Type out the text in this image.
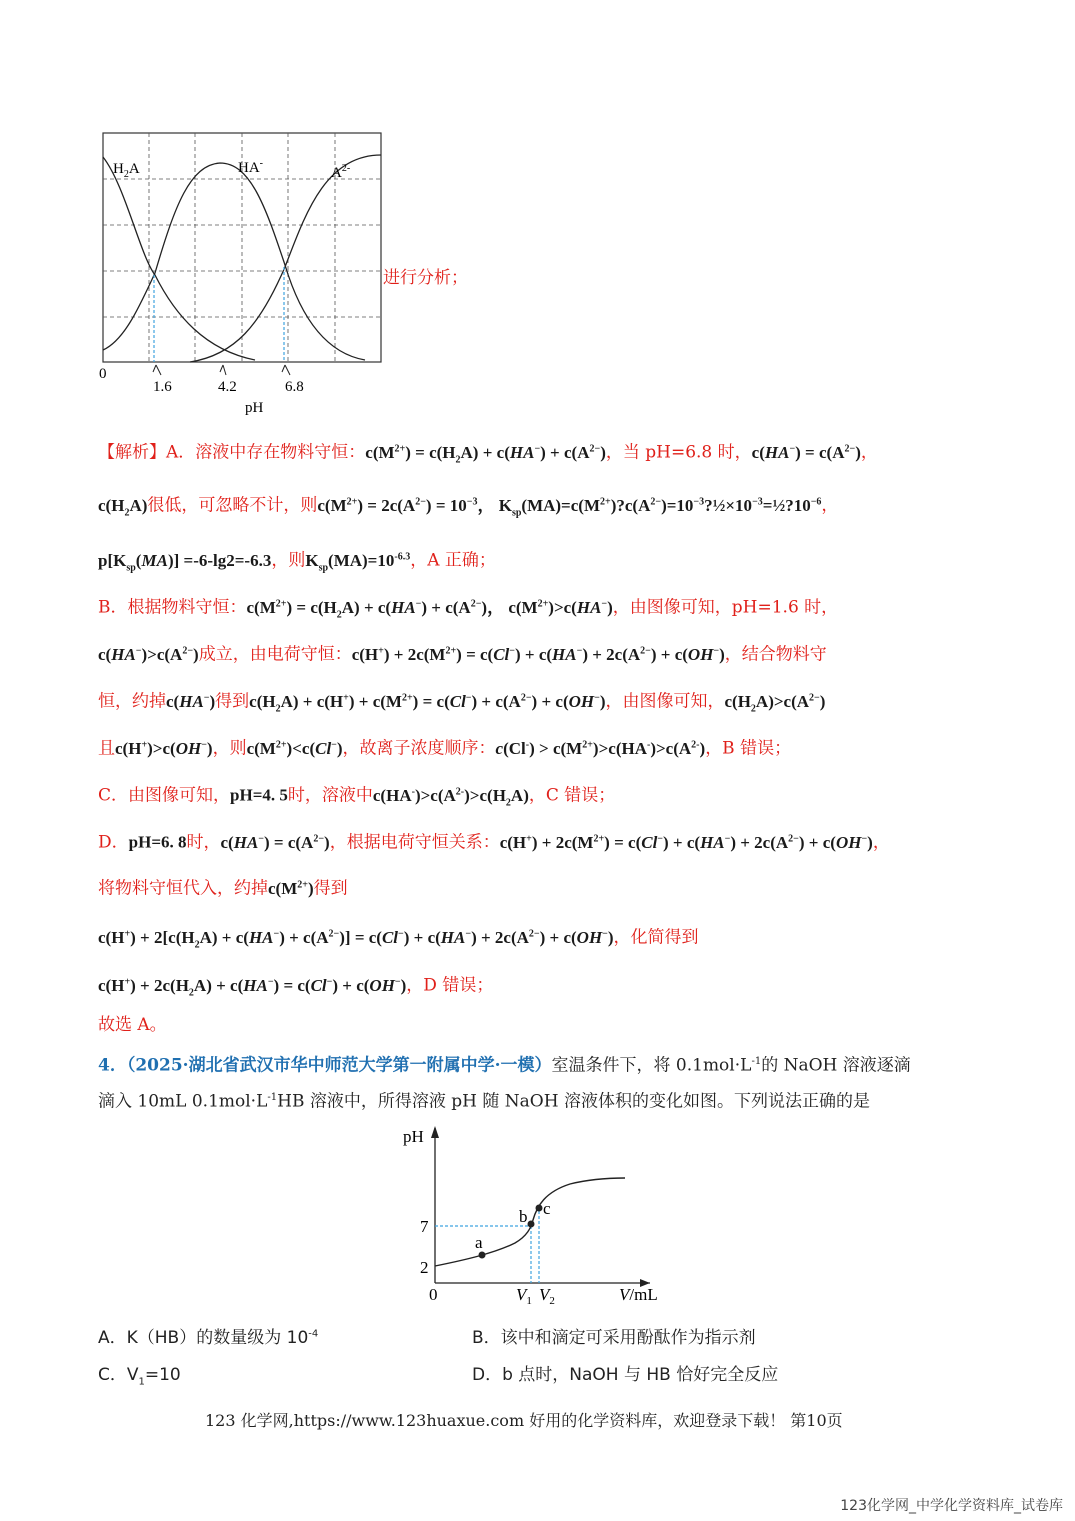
$H_2A$	HA-
$A^{2-}$
0
1.6	4.2	6.8
pH
进行分析；
【解析】A．溶液中存在物料守恒：$c(M^{2+}) = c(H_2A) + c(HA^-) + c(A^{2-})$，当 pH=6.8 时，$c(HA^-) = c(A^{2-})$，
$c(H_2A)$很低，可忽略不计，则$c(M^{2+}) = 2c(A^{2-}) = 10^{-3}$， $K_{sp}(MA)=c(M^{2+})?c(A^{2-})=10^{-3}?\frac{1}{2}\times 10^{-3}=\frac{1}{2}?10^{-6}$，
$p[K_{sp}(MA)] =-6-\lg 2=-6.3$，则$K_{sp}(MA)=10^{-6.3}$，A 正确；
B．根据物料守恒：$c(M^{2+}) = c(H_2A) + c(HA^-) + c(A^{2-})$， $c(M^{2+})>c(HA^-)$，由图像可知，pH=1.6 时，
$c(HA^-)>c(A^{2-})$成立，由电荷守恒：$c(H^+) + 2c(M^{2+}) = c(Cl^-) + c(HA^-) + 2c(A^{2-}) + c(OH^-)$，结合物料守
恒，约掉c(HA−)得到$c(H_2A) + c(H^+) + c(M^{2+}) = c(Cl^-) + c(A^{2-}) + c(OH^-)$，由图像可知，$c(H_2A)>c(A^{2-})$
且c(H+)>c(OH−)，则$c(M^{2+})<c(Cl^-)$，故离子浓度顺序：$c(Cl^-) > c(M^{2+})>c(HA^-)>c(A^{2-})$，B 错误；
C．由图像可知，pH=4. 5时，溶液中$c(HA^-)>c(A^{2-})>c(H_2A)$，C 错误；
D．pH=6. 8时，$c(HA^-) = c(A^{2-})$，根据电荷守恒关系：$c(H^+) + 2c(M^{2+}) = c(Cl^-) + c(HA^-) + 2c(A^{2-}) + c(OH^-)$，
将物料守恒代入，约掉$c(M^{2+})$得到
$c(H^+) + 2[c(H_2A) + c(HA^-) + c(A^{2-})] = c(Cl^-) + c(HA^-) + 2c(A^{2-}) + c(OH^-)$，化简得到
$c(H^+) + 2c(H_2A) + c(HA^-) = c(Cl^-) + c(OH^-)$，D 错误；
故选 A。
4．（2025·湖北省武汉市华中师范大学第一附属中学·一模）室温条件下，将 $0.1mol\cdot L^{-1}$的 NaOH 溶液逐滴
滴入 10mL $0.1mol\cdot L^{-1}HB$ 溶液中，所得溶液 pH 随 NaOH 溶液体积的变化如图。下列说法正确的是
pH
a
b c
7
2
0	$V_1$ $V_2$	V/mL
A．K（HB）的数量级为 $10^{-4}$	B．该中和滴定可采用酚酞作为指示剂
C．$V_1=10$	D．b 点时，NaOH 与 HB 恰好完全反应
123 化学网,https://www.123huaxue.com 好用的化学资料库，欢迎登录下载！ 第10页
123化学网_中学化学资料库_试卷库
